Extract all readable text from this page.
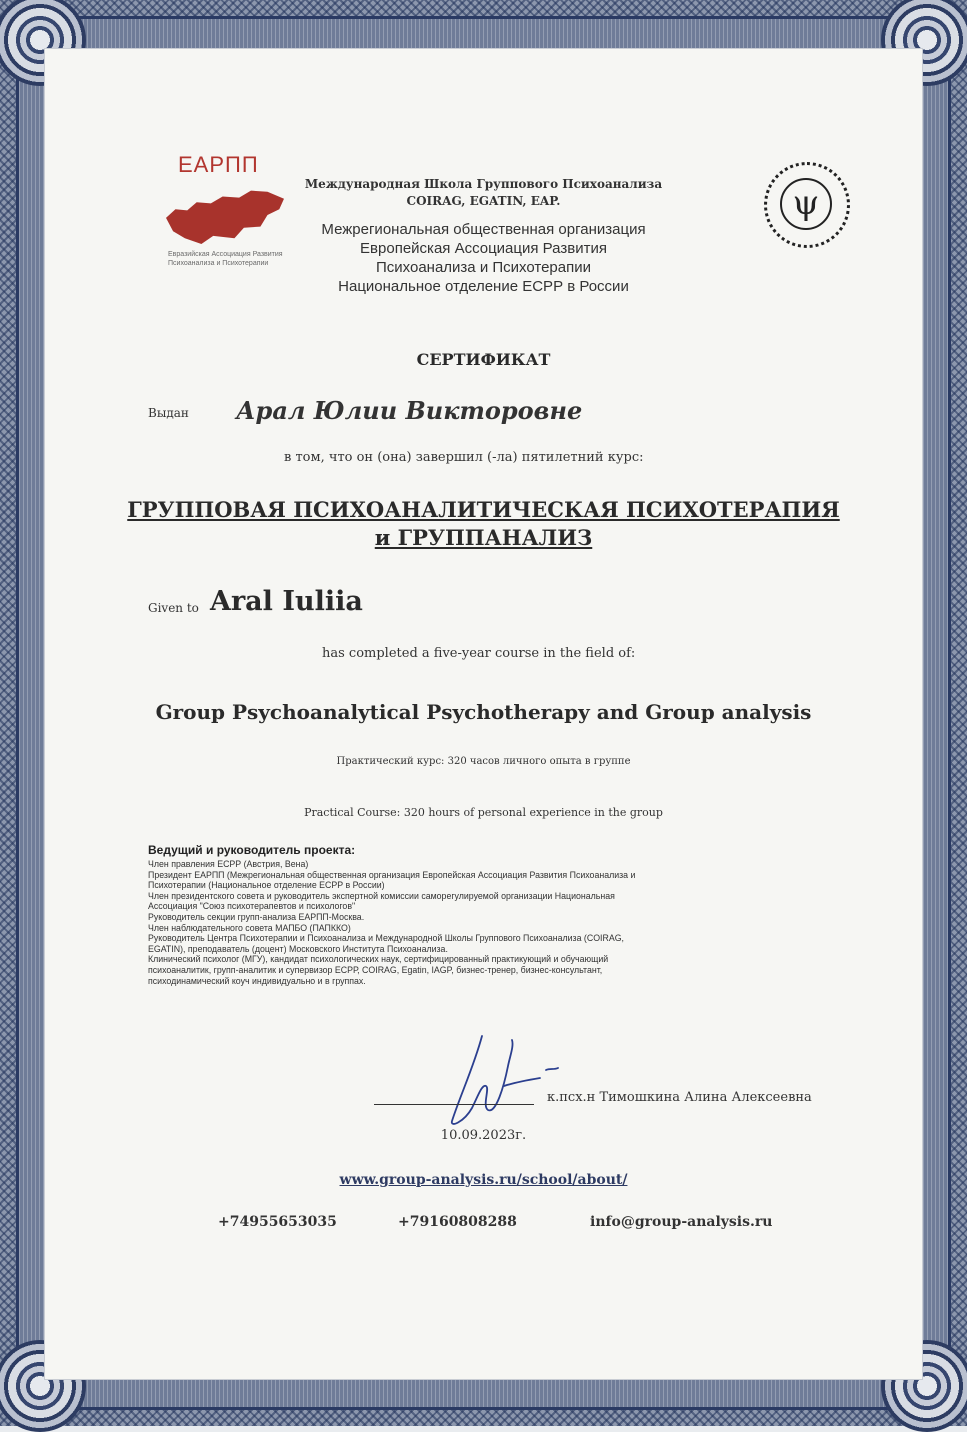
ЕАРПП
Евразийская Ассоциация Развития Психоанализа и Психотерапии
ψ
Международная Школа Группового Психоанализа
COIRAG, EGATIN, EAP.
Межрегиональная общественная организация
Европейская Ассоциация Развития
Психоанализа и Психотерапии
Национальное отделение ЕСРР в России
СЕРТИФИКАТ
Выдан Арал Юлии Викторовне
в том, что он (она) завершил (-ла) пятилетний курс:
ГРУППОВАЯ ПСИХОАНАЛИТИЧЕСКАЯ ПСИХОТЕРАПИЯ
и ГРУППАНАЛИЗ
Given to Aral Iuliia
has completed a five-year course in the field of:
Group Psychoanalytical Psychotherapy and Group analysis
Практический курс: 320 часов личного опыта в группе
Practical Course: 320 hours of personal experience in the group
Ведущий и руководитель проекта:
Член правления ЕСРР (Австрия, Вена)
Президент ЕАРПП (Межрегиональная общественная организация Европейская Ассоциация Развития Психоанализа и
Психотерапии (Национальное отделение ЕСРР в России)
Член президентского совета и руководитель экспертной комиссии саморегулируемой организации Национальная
Ассоциация "Союз психотерапевтов и психологов"
Руководитель секции групп-анализа ЕАРПП-Москва.
Член наблюдательного совета МАПБО (ПАПККО)
Руководитель Центра Психотерапии и Психоанализа и Международной Школы Группового Психоанализа (COIRAG,
EGATIN), преподаватель (доцент) Московского Института Психоанализа.
Клинический психолог (МГУ), кандидат психологических наук, сертифицированный практикующий и обучающий
психоаналитик, групп-аналитик и супервизор ЕСРР, COIRAG, Egatin, IAGP, бизнес-тренер, бизнес-консультант,
психодинамический коуч индивидуально и в группах.
к.псх.н Тимошкина Алина Алексеевна
10.09.2023г.
www.group-analysis.ru/school/about/
+74955653035	+79160808288	info@group-analysis.ru
